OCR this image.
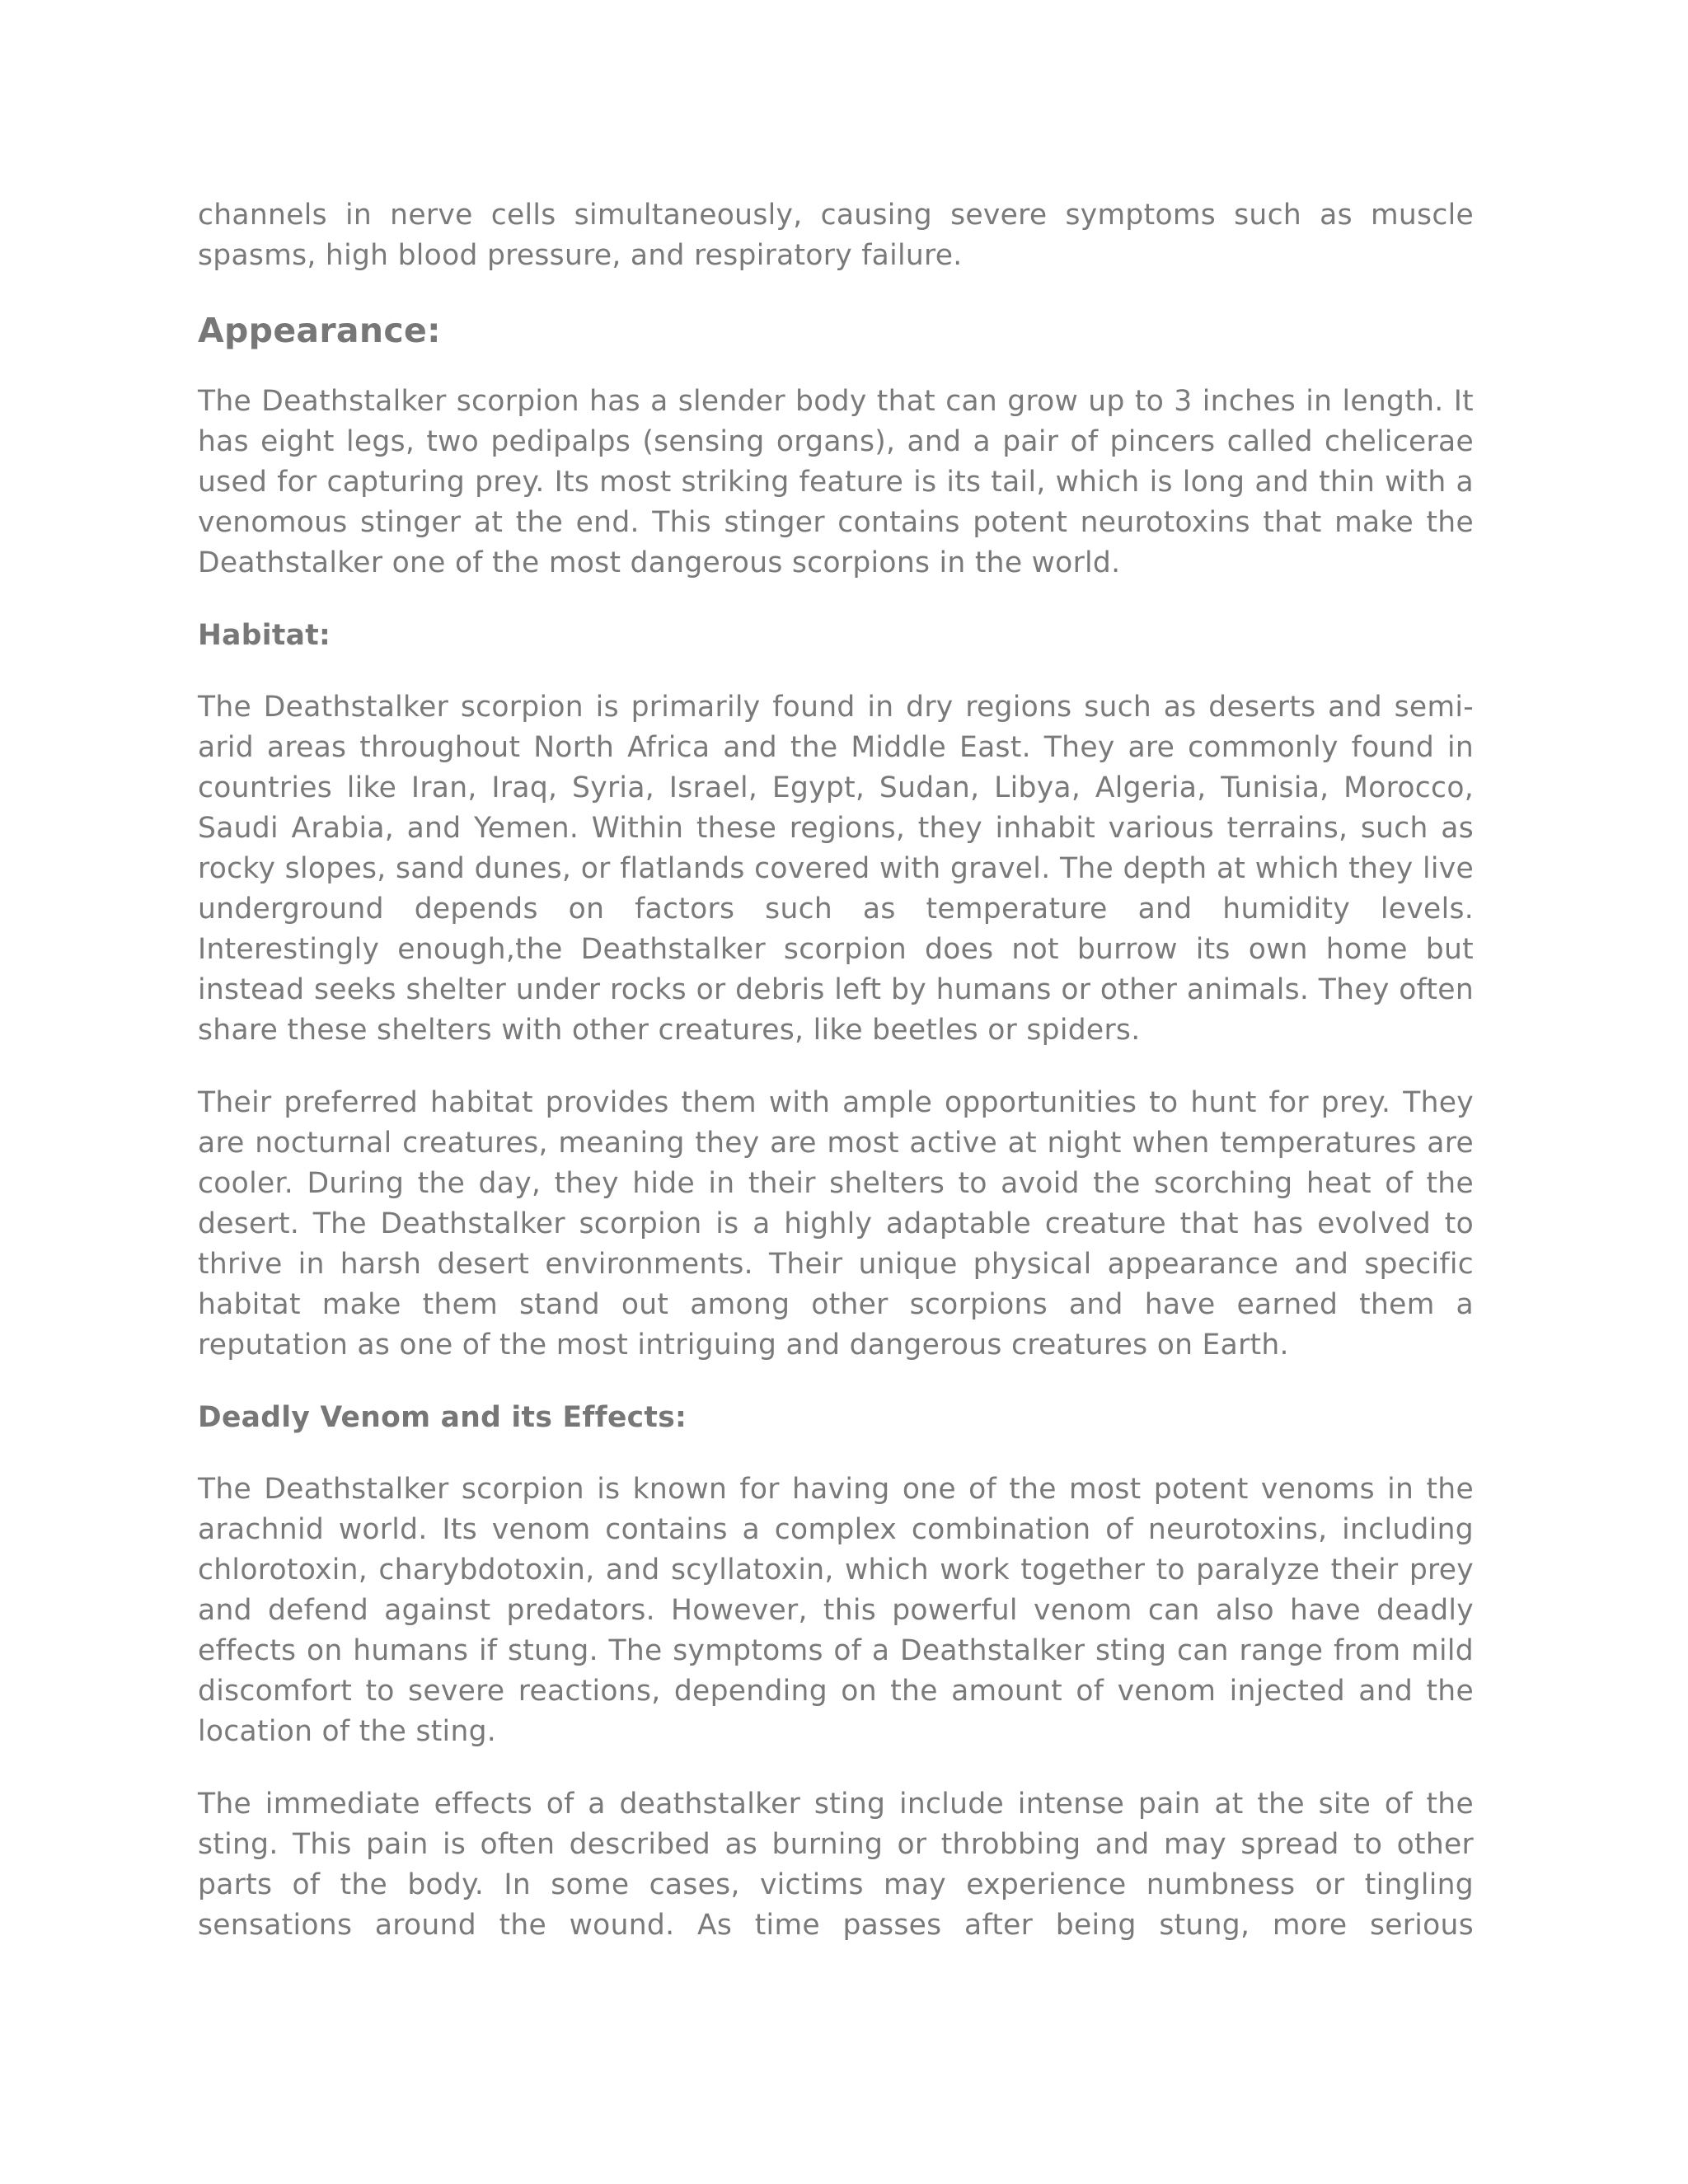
channels in nerve cells simultaneously, causing severe symptoms such as muscle spasms, high blood pressure, and respiratory failure.

Appearance:

The Deathstalker scorpion has a slender body that can grow up to 3 inches in length. It has eight legs, two pedipalps (sensing organs), and a pair of pincers called chelicerae used for capturing prey. Its most striking feature is its tail, which is long and thin with a venomous stinger at the end. This stinger contains potent neurotoxins that make the Deathstalker one of the most dangerous scorpions in the world.

Habitat:

The Deathstalker scorpion is primarily found in dry regions such as deserts and semi-arid areas throughout North Africa and the Middle East. They are commonly found in countries like Iran, Iraq, Syria, Israel, Egypt, Sudan, Libya, Algeria, Tunisia, Morocco, Saudi Arabia, and Yemen. Within these regions, they inhabit various terrains, such as rocky slopes, sand dunes, or flatlands covered with gravel. The depth at which they live underground depends on factors such as temperature and humidity levels. Interestingly enough,the Deathstalker scorpion does not burrow its own home but instead seeks shelter under rocks or debris left by humans or other animals. They often share these shelters with other creatures, like beetles or spiders.

Their preferred habitat provides them with ample opportunities to hunt for prey. They are nocturnal creatures, meaning they are most active at night when temperatures are cooler. During the day, they hide in their shelters to avoid the scorching heat of the desert. The Deathstalker scorpion is a highly adaptable creature that has evolved to thrive in harsh desert environments. Their unique physical appearance and specific habitat make them stand out among other scorpions and have earned them a reputation as one of the most intriguing and dangerous creatures on Earth.

Deadly Venom and its Effects:

The Deathstalker scorpion is known for having one of the most potent venoms in the arachnid world. Its venom contains a complex combination of neurotoxins, including chlorotoxin, charybdotoxin, and scyllatoxin, which work together to paralyze their prey and defend against predators. However, this powerful venom can also have deadly effects on humans if stung. The symptoms of a Deathstalker sting can range from mild discomfort to severe reactions, depending on the amount of venom injected and the location of the sting.

The immediate effects of a deathstalker sting include intense pain at the site of the sting. This pain is often described as burning or throbbing and may spread to other parts of the body. In some cases, victims may experience numbness or tingling sensations around the wound. As time passes after being stung, more serious
